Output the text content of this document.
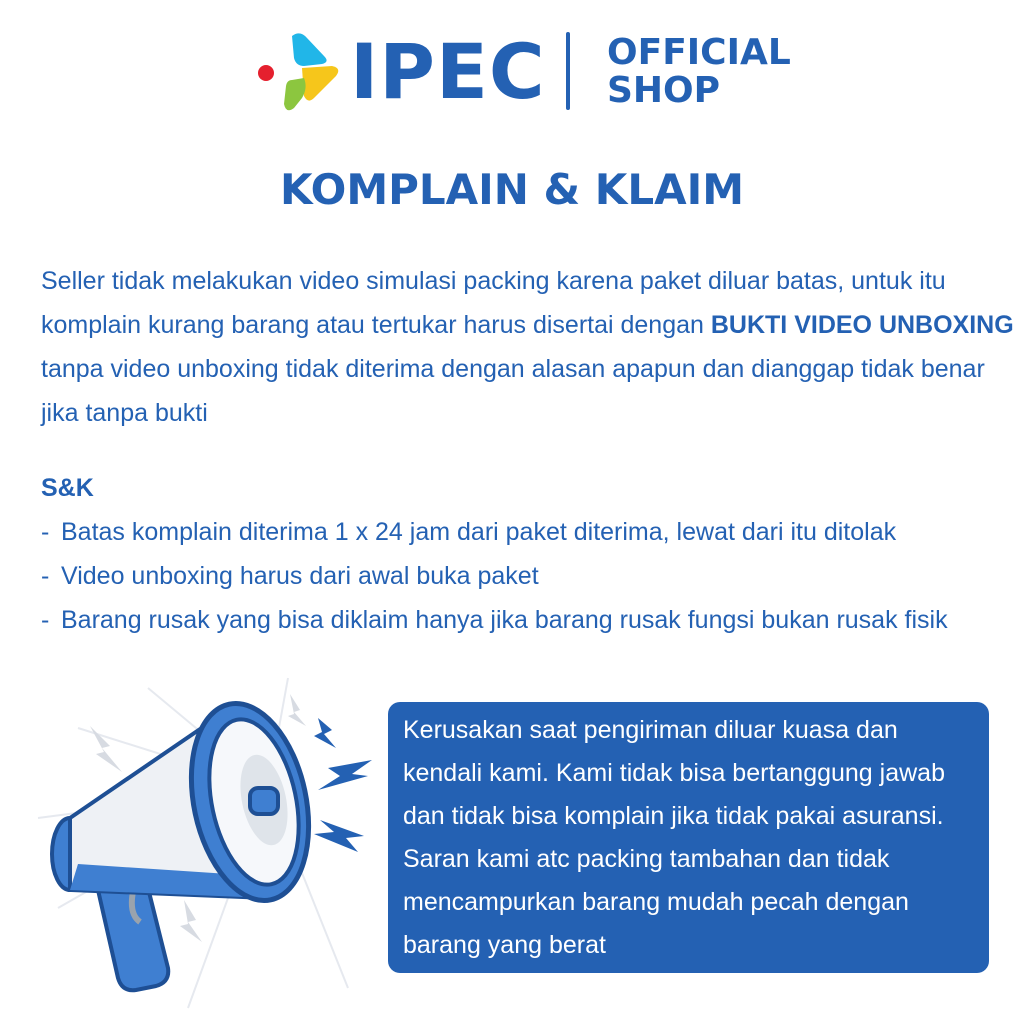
IPEC OFFICIAL
SHOP
KOMPLAIN & KLAIM
Seller tidak melakukan video simulasi packing karena paket diluar batas, untuk itu komplain kurang barang atau tertukar harus disertai dengan BUKTI VIDEO UNBOXING tanpa video unboxing tidak diterima dengan alasan apapun dan dianggap tidak benar jika tanpa bukti
S&K
- Batas komplain diterima 1 x 24 jam dari paket diterima, lewat dari itu ditolak
- Video unboxing harus dari awal buka paket
- Barang rusak yang bisa diklaim hanya jika barang rusak fungsi bukan rusak fisik
Kerusakan saat pengiriman diluar kuasa dan kendali kami. Kami tidak bisa bertanggung jawab dan tidak bisa komplain jika tidak pakai asuransi. Saran kami atc packing tambahan dan tidak mencampurkan barang mudah pecah dengan barang yang berat
